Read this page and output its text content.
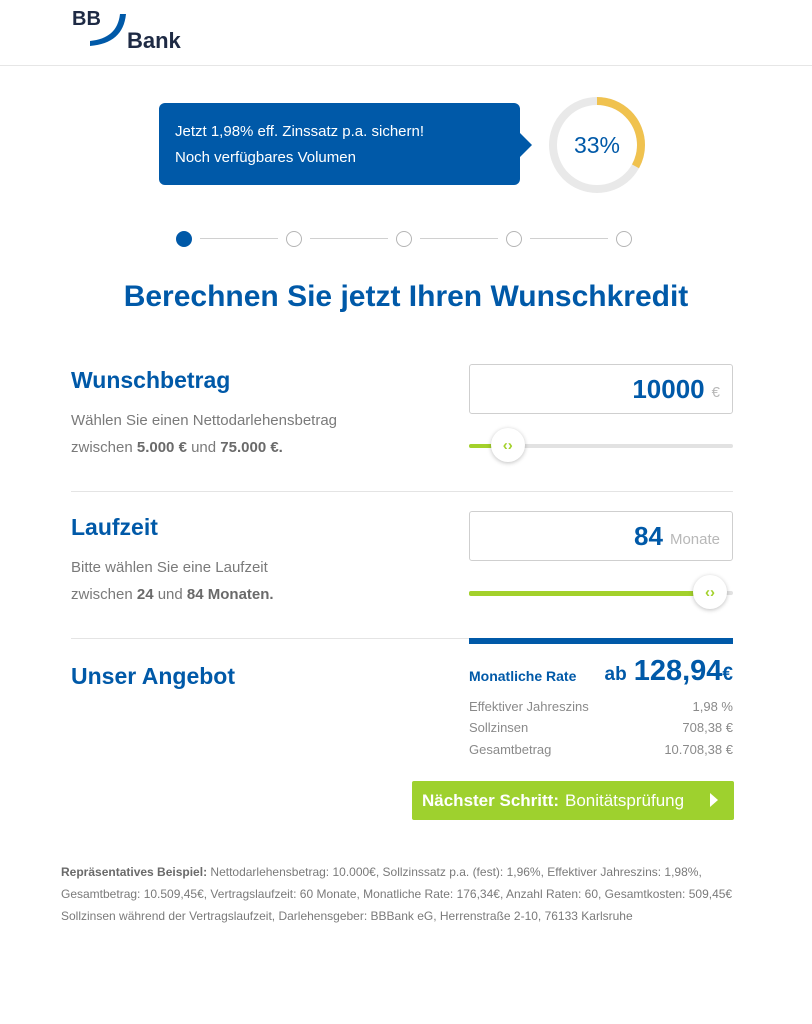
BB
Bank
Jetzt 1,98% eff. Zinssatz p.a. sichern!
Noch verfügbares Volumen	33%
Berechnen Sie jetzt Ihren Wunschkredit
Wunschbetrag
Wählen Sie einen Nettodarlehensbetrag
zwischen 5.000 € und 75.000 €.
10000 €
‹›
Laufzeit
Bitte wählen Sie eine Laufzeit
zwischen 24 und 84 Monaten.
84 Monate
‹›
Unser Angebot	Monatliche Rate ab 128,94 €
Effektiver Jahreszins	1,98 %
Sollzinsen	708,38 €
Gesamtbetrag	10.708,38 €
Nächster Schritt: Bonitätsprüfung
Repräsentatives Beispiel: Nettodarlehensbetrag: 10.000€, Sollzinssatz p.a. (fest): 1,96%, Effektiver Jahreszins: 1,98%, Gesamtbetrag: 10.509,45€, Vertragslaufzeit: 60 Monate, Monatliche Rate: 176,34€, Anzahl Raten: 60, Gesamtkosten: 509,45€ Sollzinsen während der Vertragslaufzeit, Darlehensgeber: BBBank eG, Herrenstraße 2-10, 76133 Karlsruhe
